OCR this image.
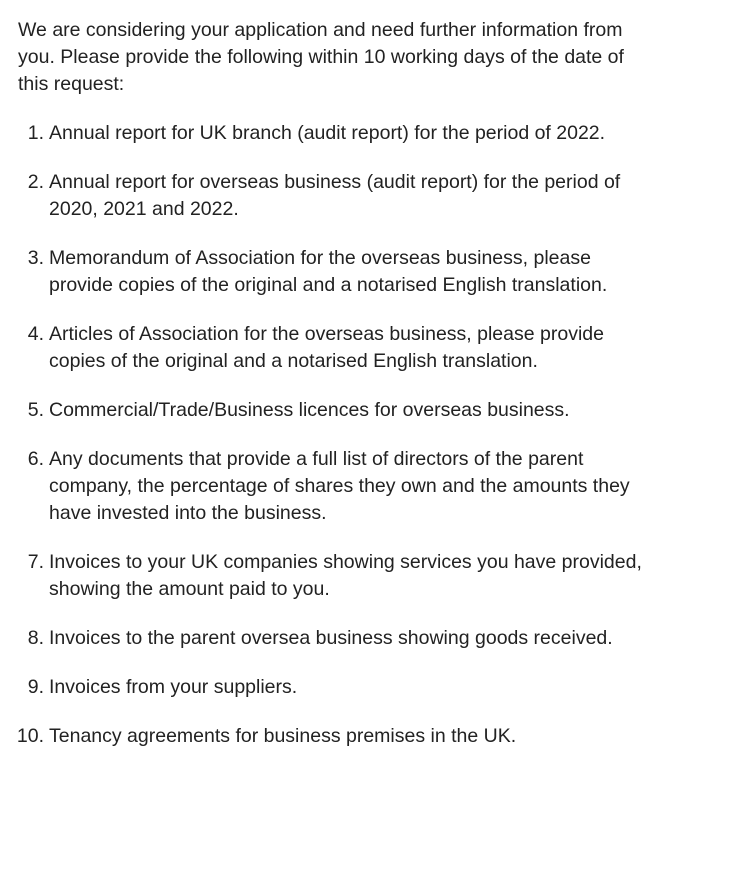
We are considering your application and need further information from you. Please provide the following within 10 working days of the date of this request:

1. Annual report for UK branch (audit report) for the period of 2022.
2. Annual report for overseas business (audit report) for the period of 2020, 2021 and 2022.
3. Memorandum of Association for the overseas business, please provide copies of the original and a notarised English translation.
4. Articles of Association for the overseas business, please provide copies of the original and a notarised English translation.
5. Commercial/Trade/Business licences for overseas business.
6. Any documents that provide a full list of directors of the parent company, the percentage of shares they own and the amounts they have invested into the business.
7. Invoices to your UK companies showing services you have provided, showing the amount paid to you.
8. Invoices to the parent oversea business showing goods received.
9. Invoices from your suppliers.
10. Tenancy agreements for business premises in the UK.
